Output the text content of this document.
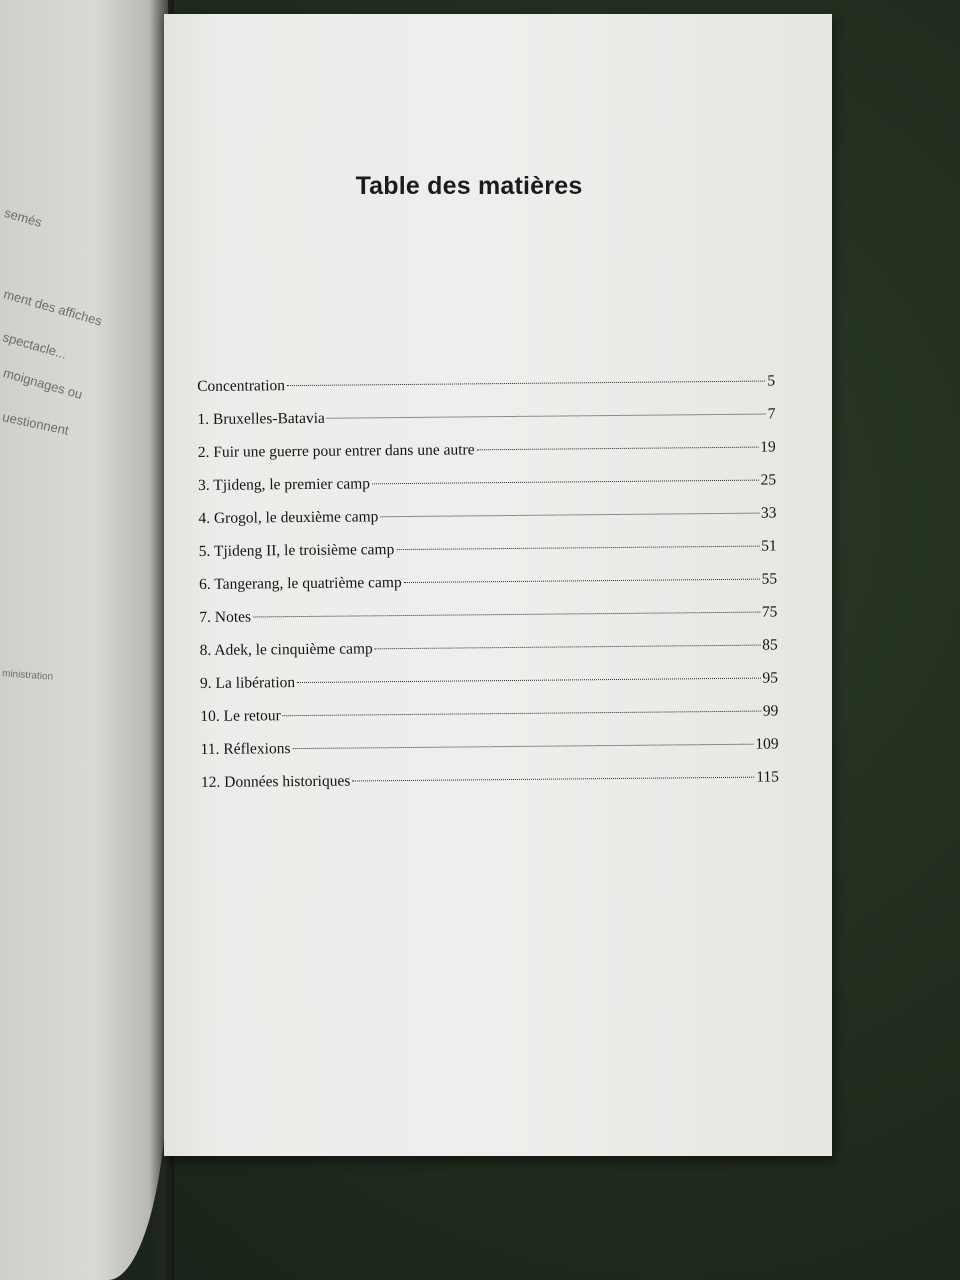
semés
ment des affiches
spectacle...
moignages ou
uestionnent
ministration
Table des matières
Concentration	5
1. Bruxelles-Batavia	7
2. Fuir une guerre pour entrer dans une autre	19
3. Tjideng, le premier camp	25
4. Grogol, le deuxième camp	33
5. Tjideng II, le troisième camp	51
6. Tangerang, le quatrième camp	55
7. Notes	75
8. Adek, le cinquième camp	85
9. La libération	95
10. Le retour	99
11. Réflexions	109
12. Données historiques	115
